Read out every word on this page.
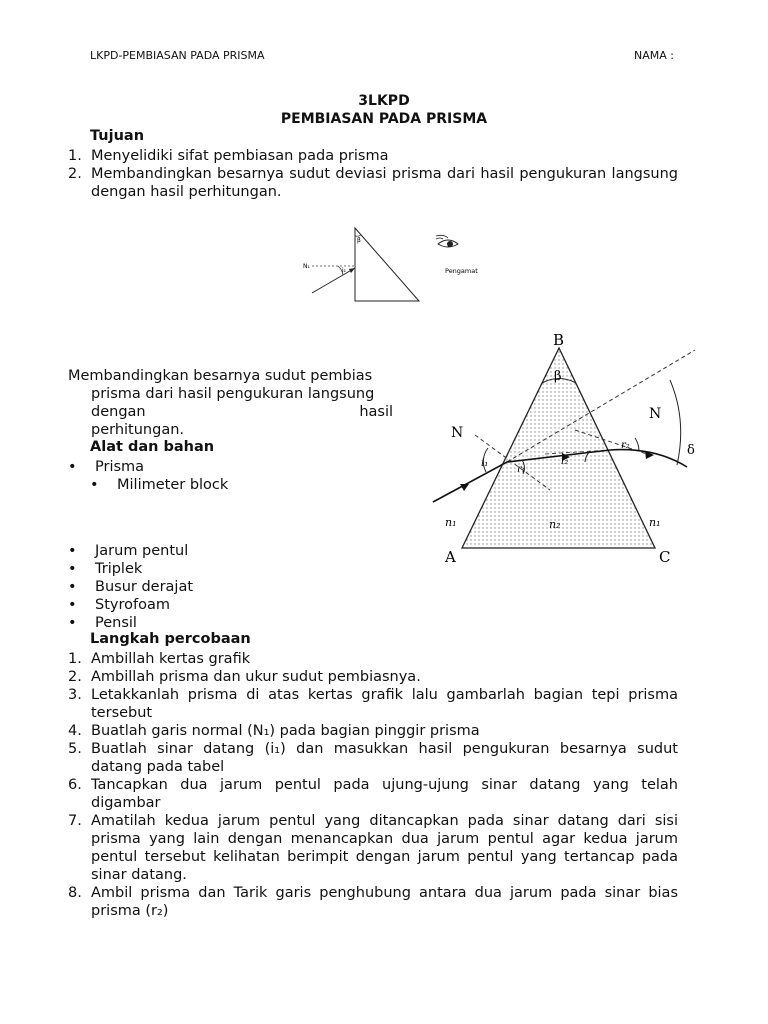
LKPD-PEMBIASAN PADA PRISMA	NAMA :
3LKPD
PEMBIASAN PADA PRISMA
Tujuan
1. Menyelidiki sifat pembiasan pada prisma
2. Membandingkan besarnya sudut deviasi prisma dari hasil pengukuran langsung dengan hasil perhitungan.
N₁
i₁
β
Pengamat
Membandingkan besarnya sudut pembias
prisma dari hasil pengukuran langsung
dengan	hasil
perhitungan.
Alat dan bahan
• Prisma
• Milimeter block
• Jarum pentul
• Triplek
• Busur derajat
• Styrofoam
• Pensil
β
B
A	C
N
N
i₁
r₁
i₂
r₂	δ
n₁	n₂	n₁
Langkah percobaan
1. Ambillah kertas grafik
2. Ambillah prisma dan ukur sudut pembiasnya.
3. Letakkanlah prisma di atas kertas grafik lalu gambarlah bagian tepi prisma tersebut
4. Buatlah garis normal (N₁) pada bagian pinggir prisma
5. Buatlah sinar datang (i₁) dan masukkan hasil pengukuran besarnya sudut datang pada tabel
6. Tancapkan dua jarum pentul pada ujung-ujung sinar datang yang telah digambar
7. Amatilah kedua jarum pentul yang ditancapkan pada sinar datang dari sisi prisma yang lain dengan menancapkan dua jarum pentul agar kedua jarum pentul tersebut kelihatan berimpit dengan jarum pentul yang tertancap pada sinar datang.
8. Ambil prisma dan Tarik garis penghubung antara dua jarum pada sinar bias prisma (r₂)
